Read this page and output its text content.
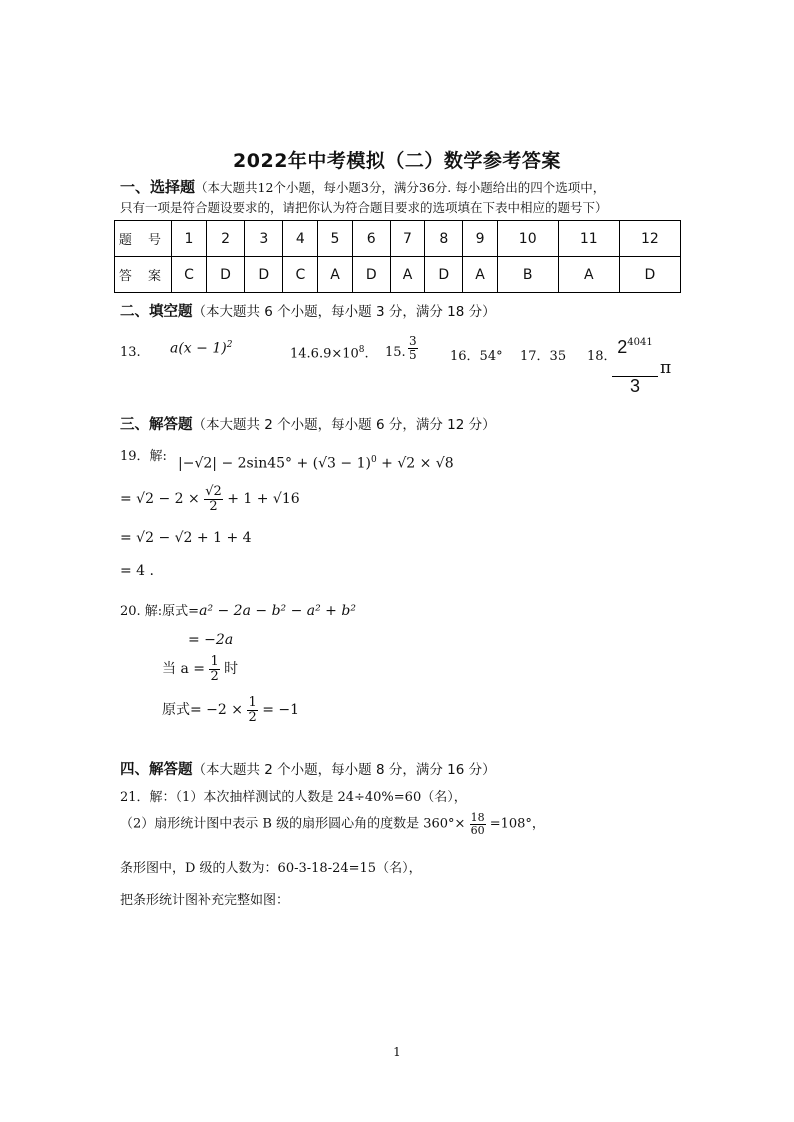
2022年中考模拟（二）数学参考答案
一、选择题（本大题共12个小题，每小题3分，满分36分. 每小题给出的四个选项中，
只有一项是符合题设要求的，请把你认为符合题目要求的选项填在下表中相应的题号下）
题 号	1	2	3	4	5	6	7	8	9	10	11	12
答 案	C	D	D	C	A	D	A	D	A	B	A	D
二、填空题（本大题共 6 个小题，每小题 3 分，满分 18 分）
13. $a(x - 1)^2$
$14.6.9\times 10^8$. 15. $\frac{3}{5} 16$．54° 17．35 18． $2^{4041}$
3
π
三、解答题（本大题共 2 个小题，每小题 6 分，满分 12 分）
19．解: $|-√2| - 2\sin 45^\circ + (√3 - 1)^0 + √2 \times √8$
= $√2 - 2 \times \frac{√2}{2} + 1 + √16$
= √2 − √2 + 1 + 4
= 4 .
20. 解:原式=a² − 2a − b² − a² + b²
= −2a
当 $a = \frac{1}{2}$ 时
原式= $-2 \times \frac{1}{2} = -1$
四、解答题（本大题共 2 个小题，每小题 8 分，满分 16 分）
21．解：（1）本次抽样测试的人数是 24÷40%=60（名），
（2）扇形统计图中表示 B 级的扇形圆心角的度数是 $360^\circ\times \frac{18}{60} =108^\circ$，
条形图中，D 级的人数为：60-3-18-24=15（名），
把条形统计图补充完整如图：
1
